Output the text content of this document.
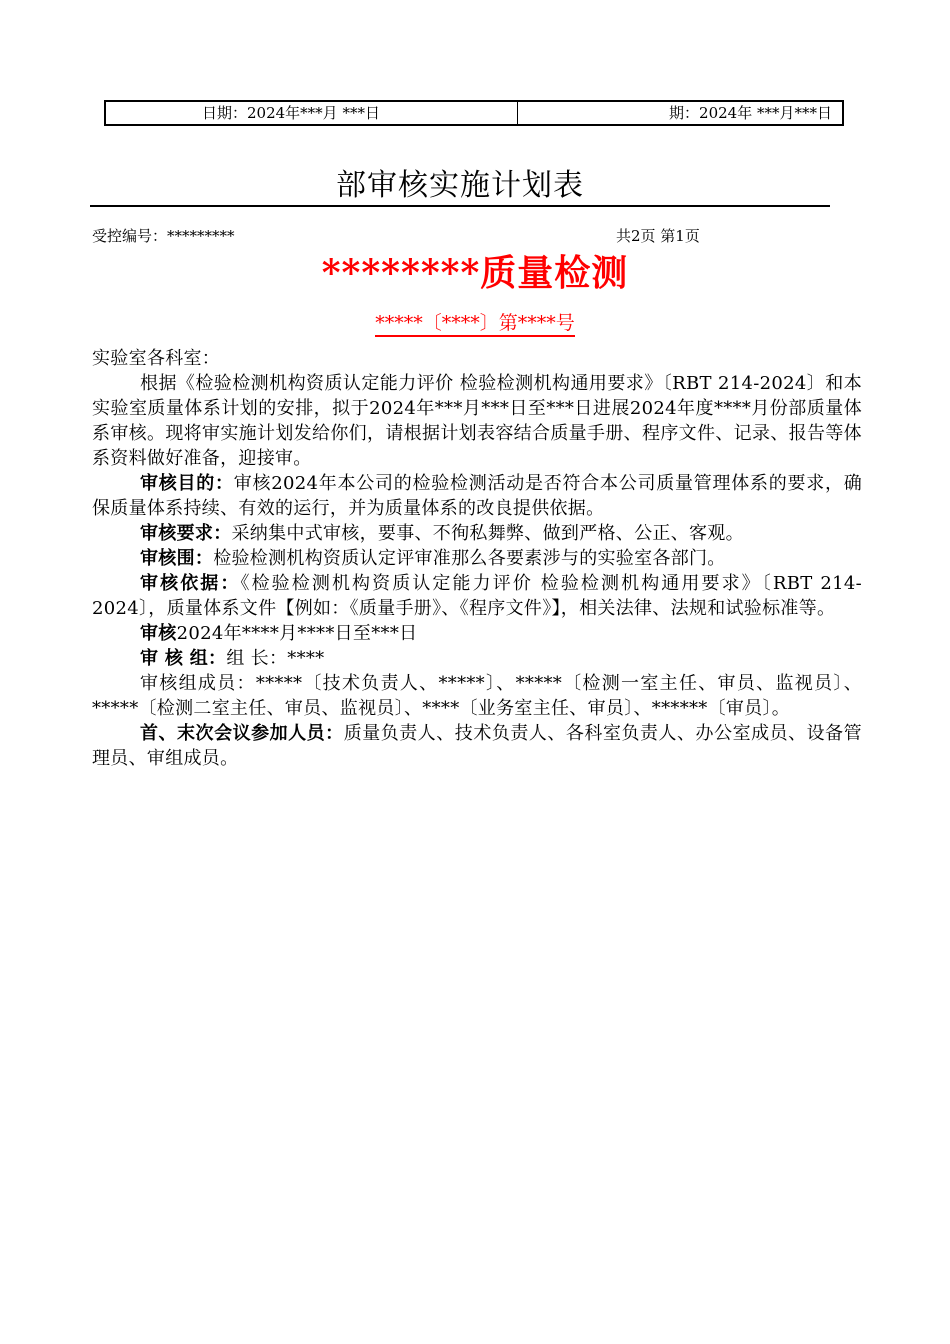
日期：2024年***月 ***日	期：2024年 ***月***日
部审核实施计划表
受控编号：*********	共2页 第1页
********质量检测
*****〔****〕第****号

实验室各科室：

根据《检验检测机构资质认定能力评价 检验检测机构通用要求》〔RBT 214-2024〕和本实验室质量体系计划的安排，拟于2024年***月***日至***日进展2024年度****月份部质量体系审核。现将审实施计划发给你们，请根据计划表容结合质量手册、程序文件、记录、报告等体系资料做好准备，迎接审。

审核目的：审核2024年本公司的检验检测活动是否符合本公司质量管理体系的要求，确保质量体系持续、有效的运行，并为质量体系的改良提供依据。

审核要求：采纳集中式审核，要事、不徇私舞弊、做到严格、公正、客观。

审核围：检验检测机构资质认定评审准那么各要素涉与的实验室各部门。

审核依据：《检验检测机构资质认定能力评价 检验检测机构通用要求》〔RBT 214-2024〕，质量体系文件【例如：《质量手册》、《程序文件》】，相关法律、法规和试验标准等。

审核2024年****月****日至***日

审 核 组：组 长：****

审核组成员：*****〔技术负责人、*****〕、*****〔检测一室主任、审员、监视员〕、*****〔检测二室主任、审员、监视员〕、****〔业务室主任、审员〕、******〔审员〕。

首、末次会议参加人员：质量负责人、技术负责人、各科室负责人、办公室成员、设备管理员、审组成员。
